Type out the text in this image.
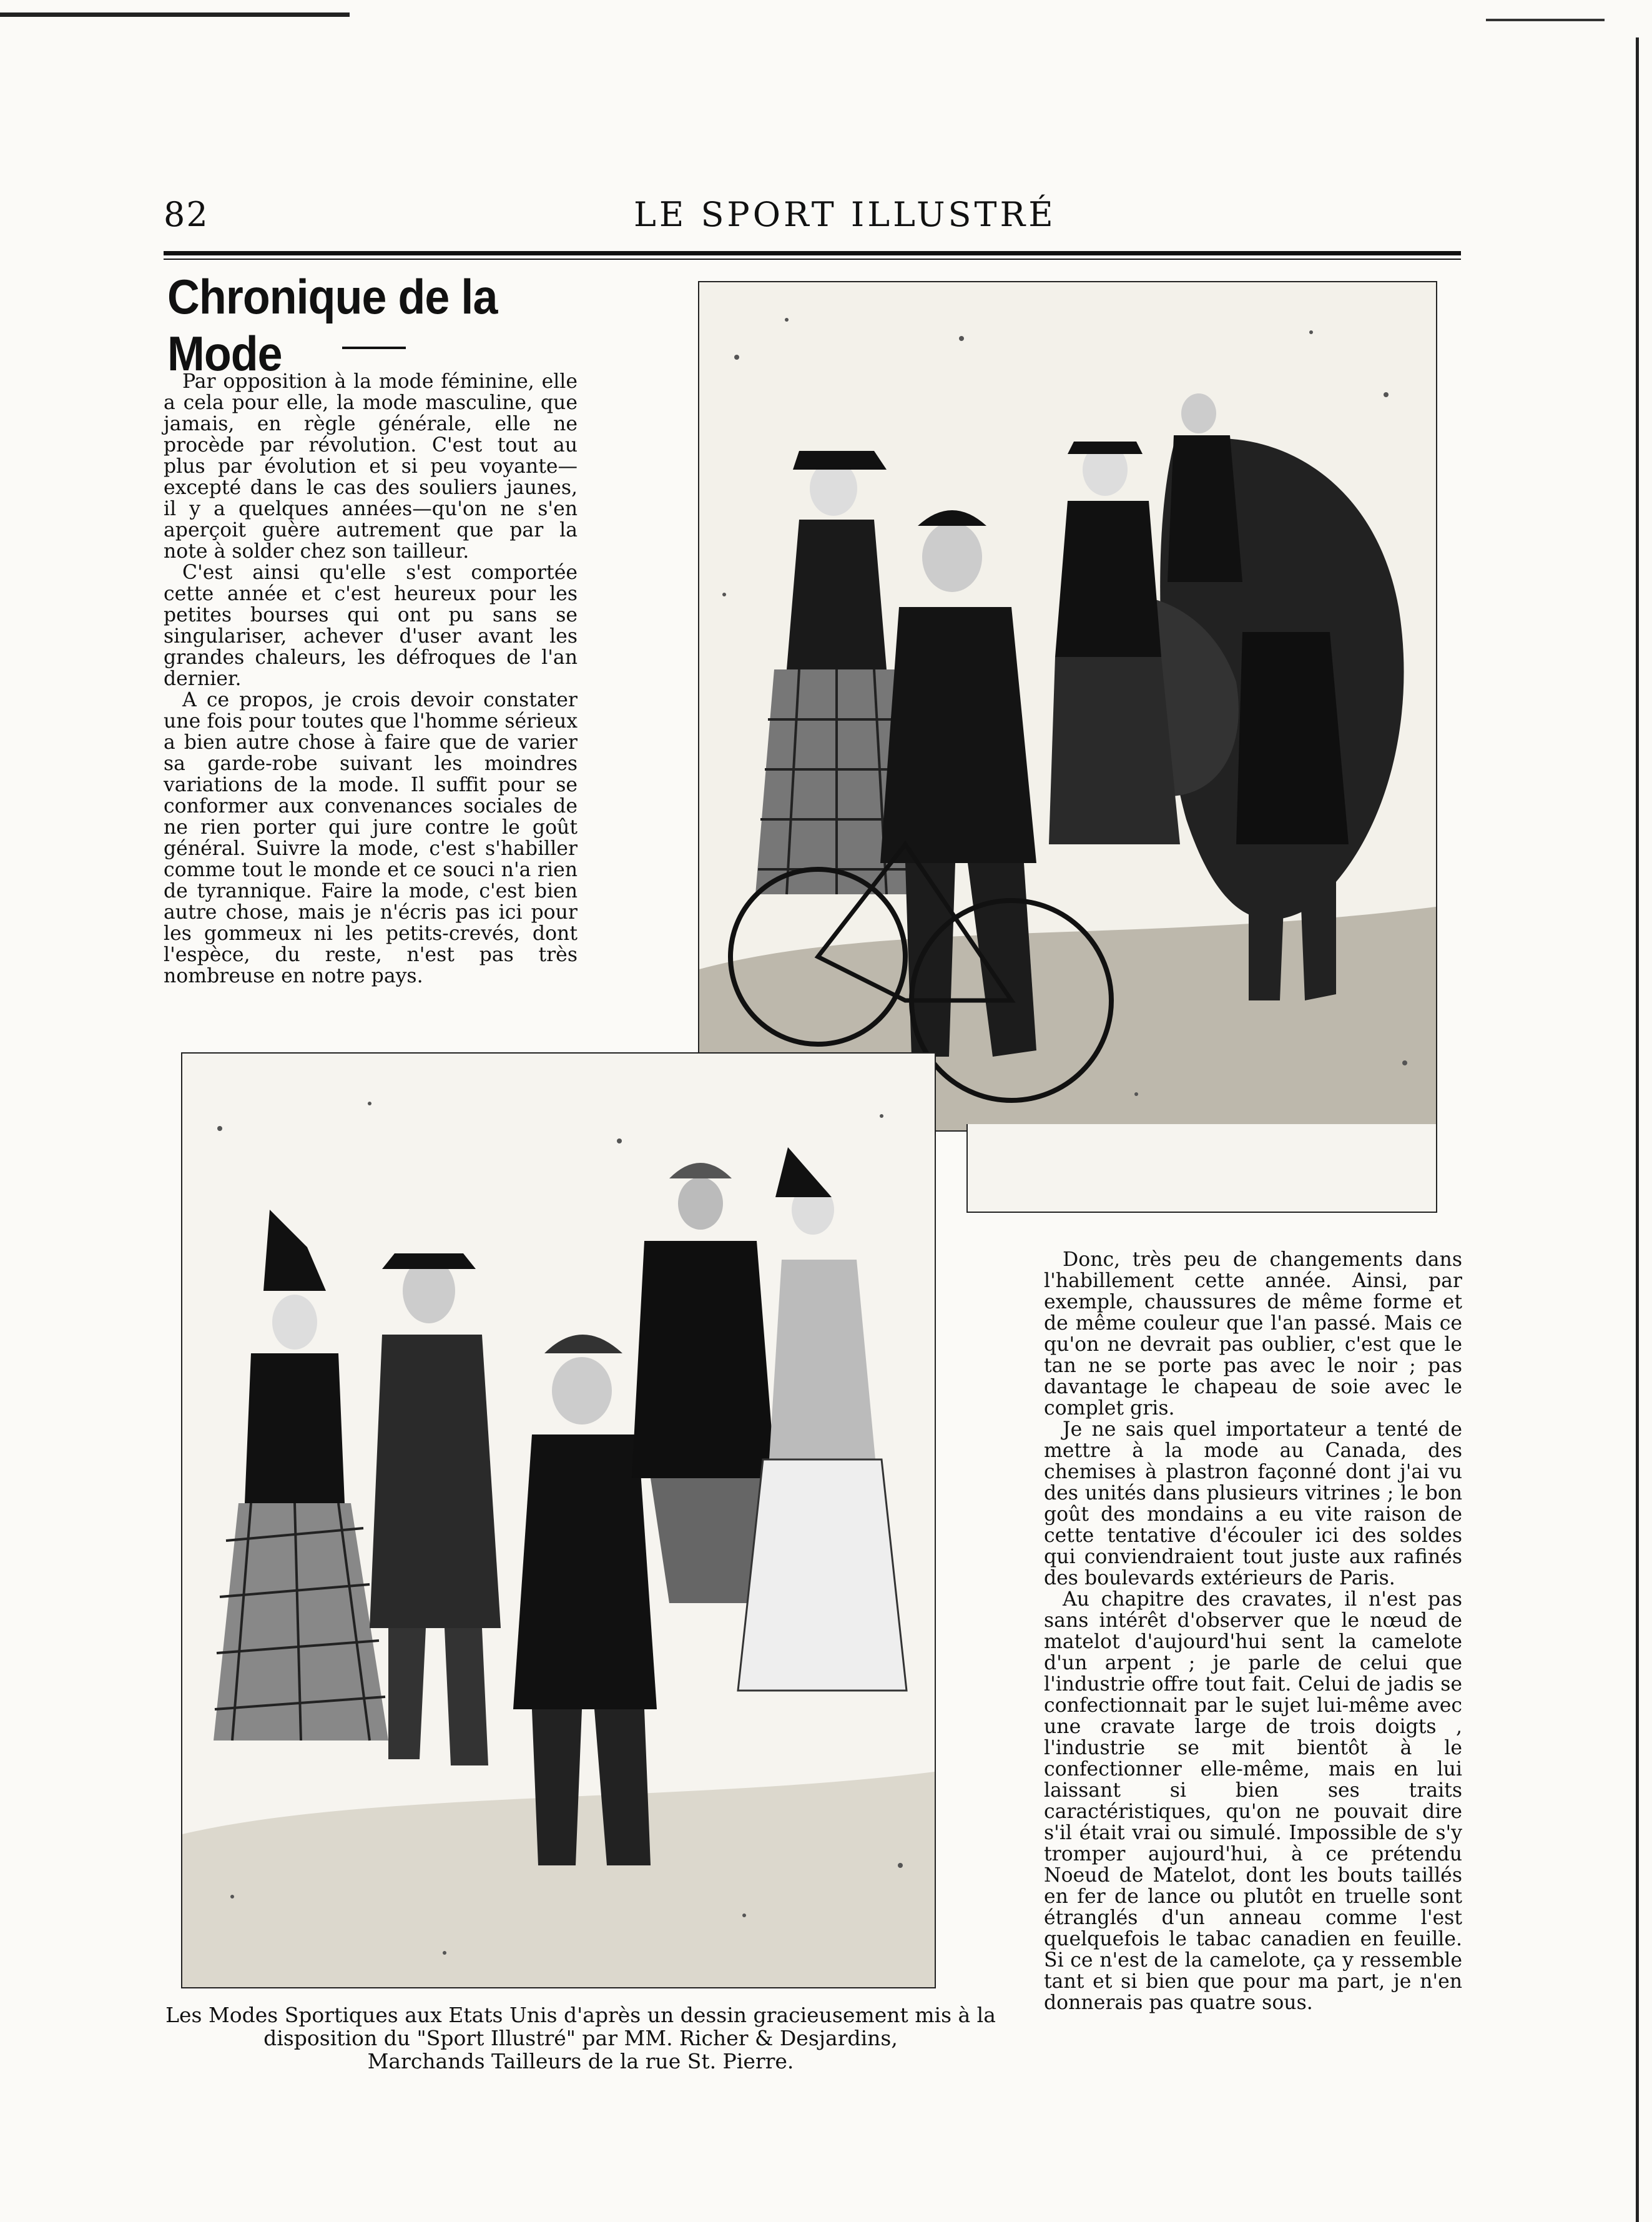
82	LE SPORT ILLUSTRÉ
Chronique de la Mode

Par opposition à la mode féminine, elle a cela pour elle, la mode masculine, que jamais, en règle générale, elle ne procède par révolution. C'est tout au plus par évolution et si peu voyante—excepté dans le cas des souliers jaunes, il y a quelques années—qu'on ne s'en aperçoit guère autrement que par la note à solder chez son tailleur.

C'est ainsi qu'elle s'est comportée cette année et c'est heureux pour les petites bourses qui ont pu sans se singulariser, achever d'user avant les grandes chaleurs, les défroques de l'an dernier.

A ce propos, je crois devoir constater une fois pour toutes que l'homme sérieux a bien autre chose à faire que de varier sa garde-robe suivant les moindres variations de la mode. Il suffit pour se conformer aux convenances sociales de ne rien porter qui jure contre le goût général. Suivre la mode, c'est s'habiller comme tout le monde et ce souci n'a rien de tyrannique. Faire la mode, c'est bien autre chose, mais je n'écris pas ici pour les gommeux ni les petits-crevés, dont l'espèce, du reste, n'est pas très nombreuse en notre pays.

Les Modes Sportiques aux Etats Unis d'après un dessin gracieusement mis à la
disposition du "Sport Illustré" par MM. Richer & Desjardins,
Marchands Tailleurs de la rue St. Pierre.

Donc, très peu de changements dans l'habillement cette année. Ainsi, par exemple, chaussures de même forme et de même couleur que l'an passé. Mais ce qu'on ne devrait pas oublier, c'est que le tan ne se porte pas avec le noir ; pas davantage le chapeau de soie avec le complet gris.

Je ne sais quel importateur a tenté de mettre à la mode au Canada, des chemises à plastron façonné dont j'ai vu des unités dans plusieurs vitrines ; le bon goût des mondains a eu vite raison de cette tentative d'écouler ici des soldes qui conviendraient tout juste aux rafinés des boulevards extérieurs de Paris.

Au chapitre des cravates, il n'est pas sans intérêt d'observer que le nœud de matelot d'aujourd'hui sent la camelote d'un arpent ; je parle de celui que l'industrie offre tout fait. Celui de jadis se confectionnait par le sujet lui-même avec une cravate large de trois doigts , l'industrie se mit bientôt à le confectionner elle-même, mais en lui laissant si bien ses traits caractéristiques, qu'on ne pouvait dire s'il était vrai ou simulé. Impossible de s'y tromper aujourd'hui, à ce prétendu Noeud de Matelot, dont les bouts taillés en fer de lance ou plutôt en truelle sont étranglés d'un anneau comme l'est quelquefois le tabac canadien en feuille. Si ce n'est de la camelote, ça y ressemble tant et si bien que pour ma part, je n'en donnerais pas quatre sous.
